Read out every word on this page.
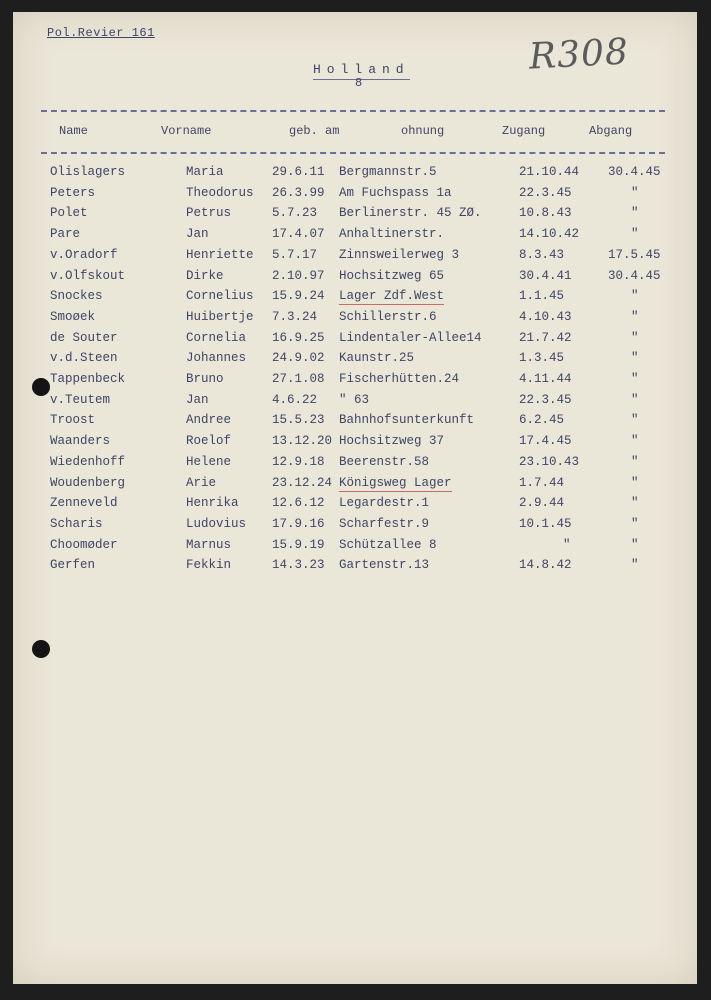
Pol.Revier 161
Holland
8
R308
Name	Vorname	geb. am	ohnung	Zugang	Abgang
Olislagers	Maria	29.6.11 Bergmannstr.5	21.10.44 30.4.45
Peters	Theodorus 26.3.99 Am Fuchspass 1a	22.3.45	"
Polet	Petrus	5.7.23 Berlinerstr. 45 ZØ.	10.8.43	"
Pare	Jan	17.4.07 Anhaltinerstr.	14.10.42	"
v.Oradorf	Henriette 5.7.17 Zinnsweilerweg 3	8.3.43	17.5.45
v.Olfskout	Dirke	2.10.97 Hochsitzweg 65	30.4.41	30.4.45
Snockes	Cornelius 15.9.24 Lager Zdf.West	1.1.45	"
Smoøek	Huibertje 7.3.24 Schillerstr.6	4.10.43	"
de Souter	Cornelia 16.9.25 Lindentaler-Allee14	21.7.42	"
v.d.Steen	Johannes 24.9.02 Kaunstr.25	1.3.45	"
Tappenbeck	Bruno	27.1.08 Fischerhütten.24	4.11.44	"
v.Teutem	Jan	4.6.22 " 63	22.3.45	"
Troost	Andree	15.5.23 Bahnhofsunterkunft	6.2.45	"
Waanders	Roelof	13.12.20 Hochsitzweg 37	17.4.45	"
Wiedenhoff	Helene	12.9.18 Beerenstr.58	23.10.43	"
Woudenberg	Arie	23.12.24 Königsweg Lager	1.7.44	"
Zenneveld	Henrika	12.6.12 Legardestr.1	2.9.44	"
Scharis	Ludovius 17.9.16 Scharfestr.9	10.1.45	"
Choomøder	Marnus	15.9.19 Schützallee 8	"	"
Gerfen	Fekkin	14.3.23 Gartenstr.13	14.8.42	"
